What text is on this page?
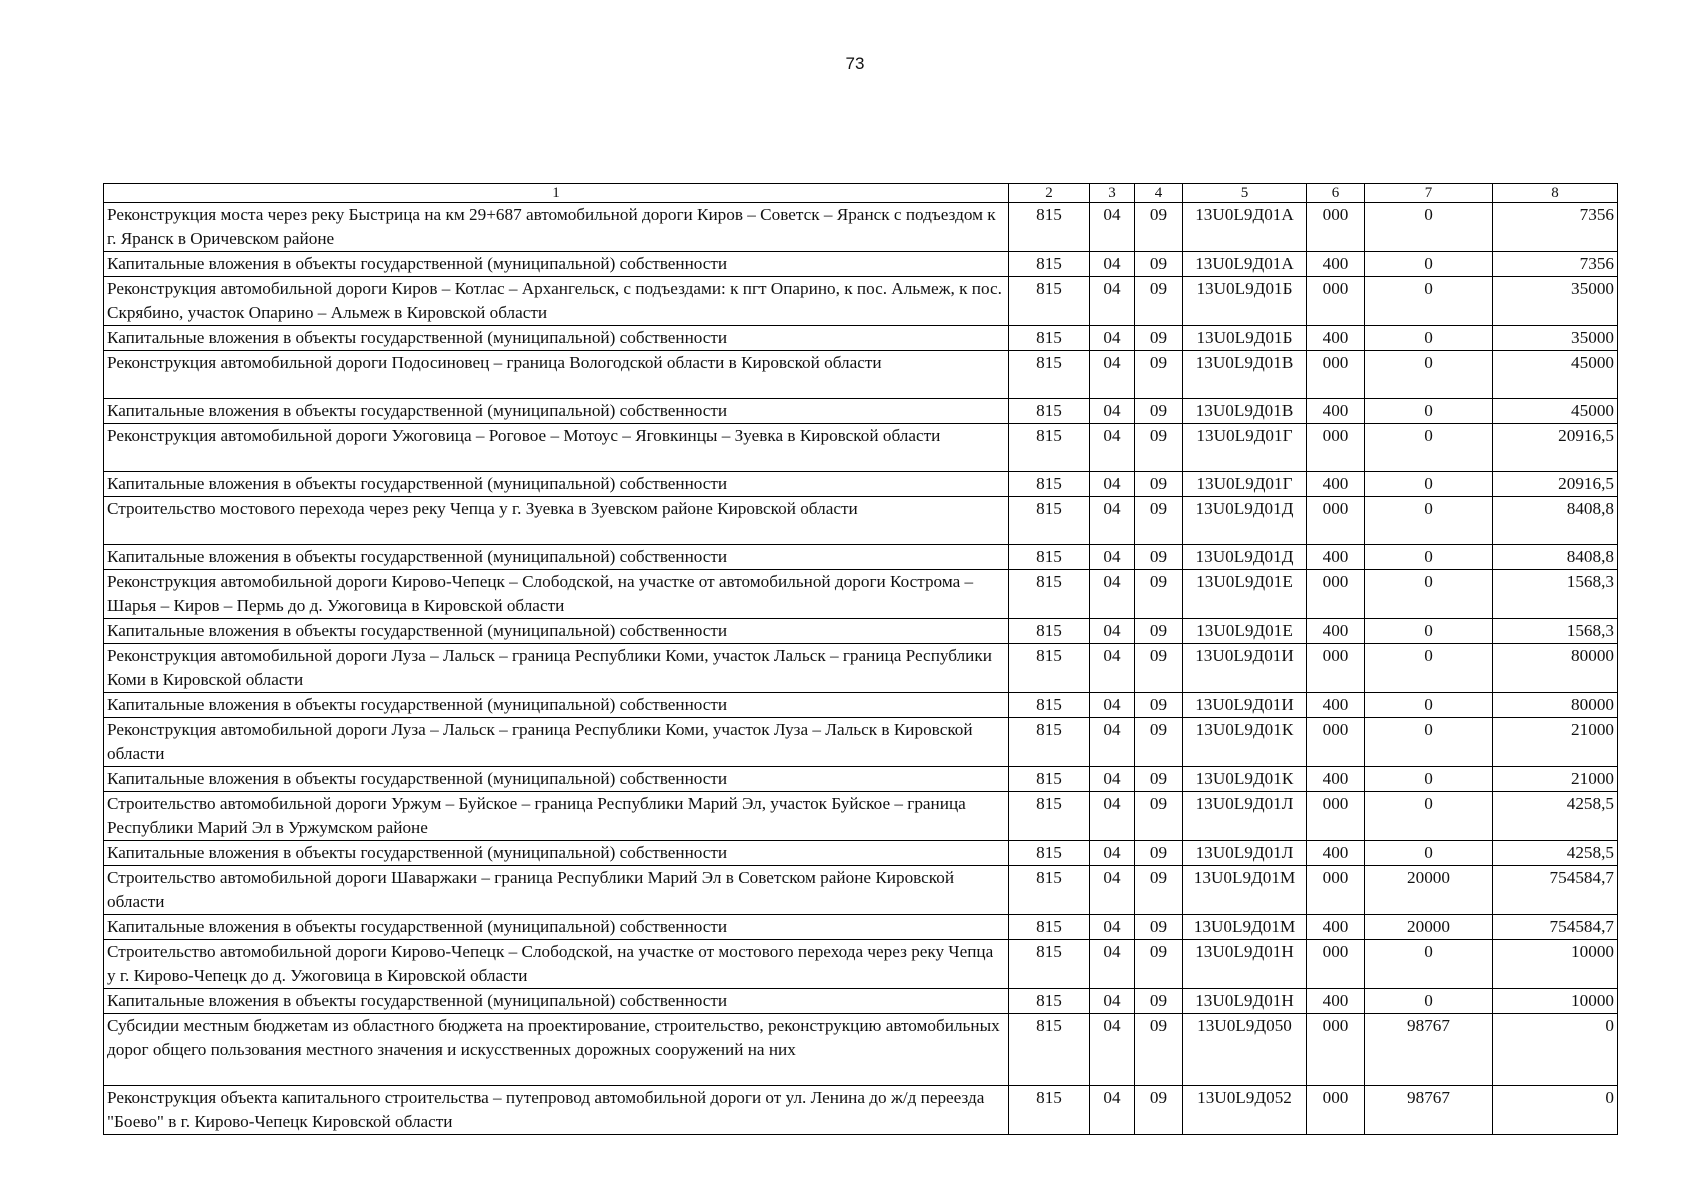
73
1	2	3	4	5	6	7	8
Реконструкция моста через реку Быстрица на км 29+687 автомобильной дороги Киров – Советск – Яранск с подъездом к г. Яранск в Оричевском районе	815	04	09	13U0L9Д01А	000	0	7356
Капитальные вложения в объекты государственной (муниципальной) собственности	815	04	09	13U0L9Д01А	400	0	7356
Реконструкция автомобильной дороги Киров – Котлас – Архангельск, с подъездами: к пгт Опарино, к пос. Альмеж, к пос. Скрябино, участок Опарино – Альмеж в Кировской области	815	04	09	13U0L9Д01Б	000	0	35000
Капитальные вложения в объекты государственной (муниципальной) собственности	815	04	09	13U0L9Д01Б	400	0	35000
Реконструкция автомобильной дороги Подосиновец – граница Вологодской области в Кировской области	815	04	09	13U0L9Д01В	000	0	45000
Капитальные вложения в объекты государственной (муниципальной) собственности	815	04	09	13U0L9Д01В	400	0	45000
Реконструкция автомобильной дороги Ужоговица – Роговое – Мотоус – Яговкинцы – Зуевка в Кировской области	815	04	09	13U0L9Д01Г	000	0	20916,5
Капитальные вложения в объекты государственной (муниципальной) собственности	815	04	09	13U0L9Д01Г	400	0	20916,5
Строительство мостового перехода через реку Чепца у г. Зуевка в Зуевском районе Кировской области	815	04	09	13U0L9Д01Д	000	0	8408,8
Капитальные вложения в объекты государственной (муниципальной) собственности	815	04	09	13U0L9Д01Д	400	0	8408,8
Реконструкция автомобильной дороги Кирово-Чепецк – Слободской, на участке от автомобильной дороги Кострома – Шарья – Киров – Пермь до д. Ужоговица в Кировской области	815	04	09	13U0L9Д01Е	000	0	1568,3
Капитальные вложения в объекты государственной (муниципальной) собственности	815	04	09	13U0L9Д01Е	400	0	1568,3
Реконструкция автомобильной дороги Луза – Лальск – граница Республики Коми, участок Лальск – граница Республики Коми в Кировской области	815	04	09	13U0L9Д01И	000	0	80000
Капитальные вложения в объекты государственной (муниципальной) собственности	815	04	09	13U0L9Д01И	400	0	80000
Реконструкция автомобильной дороги Луза – Лальск – граница Республики Коми, участок Луза – Лальск в Кировской области	815	04	09	13U0L9Д01К	000	0	21000
Капитальные вложения в объекты государственной (муниципальной) собственности	815	04	09	13U0L9Д01К	400	0	21000
Строительство автомобильной дороги Уржум – Буйское – граница Республики Марий Эл, участок Буйское – граница Республики Марий Эл в Уржумском районе	815	04	09	13U0L9Д01Л	000	0	4258,5
Капитальные вложения в объекты государственной (муниципальной) собственности	815	04	09	13U0L9Д01Л	400	0	4258,5
Строительство автомобильной дороги Шаваржаки – граница Республики Марий Эл в Советском районе Кировской области	815	04	09	13U0L9Д01М	000	20000	754584,7
Капитальные вложения в объекты государственной (муниципальной) собственности	815	04	09	13U0L9Д01М	400	20000	754584,7
Строительство автомобильной дороги Кирово-Чепецк – Слободской, на участке от мостового перехода через реку Чепца у г. Кирово-Чепецк до д. Ужоговица в Кировской области	815	04	09	13U0L9Д01Н	000	0	10000
Капитальные вложения в объекты государственной (муниципальной) собственности	815	04	09	13U0L9Д01Н	400	0	10000
Субсидии местным бюджетам из областного бюджета на проектирование, строительство, реконструкцию автомобильных дорог общего пользования местного значения и искусственных дорожных сооружений на них	815	04	09	13U0L9Д050	000	98767	0
Реконструкция объекта капитального строительства – путепровод автомобильной дороги от ул. Ленина до ж/д переезда "Боево" в г. Кирово-Чепецк Кировской области	815	04	09	13U0L9Д052	000	98767	0
